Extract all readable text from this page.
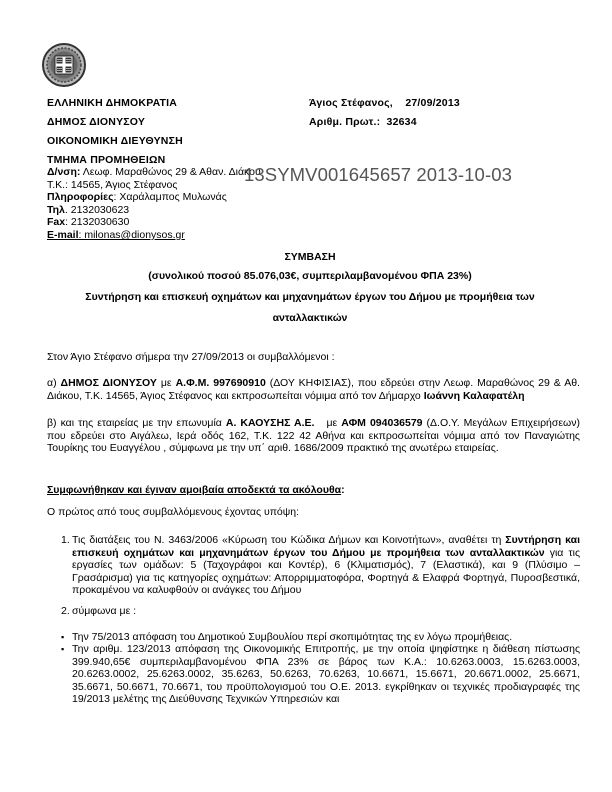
ΕΛΛΗΝΙΚΗ ΔΗΜΟΚΡΑΤΙΑ
ΔΗΜΟΣ ΔΙΟΝΥΣΟΥ
ΟΙΚΟΝΟΜΙΚΗ ΔΙΕΥΘΥΝΣΗ
ΤΜΗΜΑ ΠΡΟΜΗΘΕΙΩΝ
Άγιος Στέφανος,    27/09/2013
Αριθμ. Πρωτ.: 32634
Δ/νση: Λεωφ. Μαραθώνος 29 & Αθαν. Διάκου
Τ.Κ.: 14565, Άγιος Στέφανος
Πληροφορίες: Χαράλαμπος Μυλωνάς
Τηλ. 2132030623
Fax: 2132030630
E-mail: milonas@dionysos.gr
13SYMV001645657 2013-10-03
ΣΥΜΒΑΣΗ
(συνολικού ποσού 85.076,03€, συμπεριλαμβανομένου ΦΠΑ 23%)
Συντήρηση και επισκευή οχημάτων και μηχανημάτων έργων του Δήμου με προμήθεια των
ανταλλακτικών
Στον Άγιο Στέφανο σήμερα την 27/09/2013 οι συμβαλλόμενοι :
α) ΔΗΜΟΣ ΔΙΟΝΥΣΟΥ με Α.Φ.Μ. 997690910 (ΔΟΥ ΚΗΦΙΣΙΑΣ), που εδρεύει στην Λεωφ. Μαραθώνος 29 & Αθ. Διάκου, Τ.Κ. 14565, Άγιος Στέφανος και εκπροσωπείται νόμιμα από τον Δήμαρχο Ιωάννη Καλαφατέλη
β) και της εταιρείας με την επωνυμία Α. ΚΑΟΥΣΗΣ Α.Ε.   με ΑΦΜ 094036579 (Δ.Ο.Υ. Μεγάλων Επιχειρήσεων) που εδρεύει στο Αιγάλεω, Ιερά οδός 162, Τ.Κ. 122 42 Αθήνα και εκπροσωπείται νόμιμα από τον Παναγιώτης Τουρίκης του Ευαγγέλου , σύμφωνα με την υπ΄ αριθ. 1686/2009 πρακτικό της ανωτέρω εταιρείας.
Συμφωνήθηκαν και έγιναν αμοιβαία αποδεκτά τα ακόλουθα:
Ο πρώτος από τους συμβαλλόμενους έχοντας υπόψη:
1. Τις διατάξεις του Ν. 3463/2006 «Κύρωση του Κώδικα Δήμων και Κοινοτήτων», αναθέτει τη Συντήρηση και επισκευή οχημάτων και μηχανημάτων έργων του Δήμου με προμήθεια των ανταλλακτικών για τις εργασίες των ομάδων: 5 (Ταχογράφοι και Κοντέρ), 6 (Κλιματισμός), 7 (Ελαστικά), και 9 (Πλύσιμο – Γρασάρισμα) για τις κατηγορίες οχημάτων: Απορριμματοφόρα, Φορτηγά & Ελαφρά Φορτηγά, Πυροσβεστικά, προκαμένου να καλυφθούν οι ανάγκες του Δήμου
2. σύμφωνα με :
▪ Την 75/2013 απόφαση του Δημοτικού Συμβουλίου περί σκοπιμότητας της εν λόγω προμήθειας.
▪ Την αριθμ. 123/2013 απόφαση της Οικονομικής Επιτροπής, με την οποία ψηφίστηκε η διάθεση πίστωσης 399.940,65€ συμπεριλαμβανομένου ΦΠΑ 23% σε βάρος των Κ.Α.: 10.6263.0003, 15.6263.0003, 20.6263.0002, 25.6263.0002, 35.6263, 50.6263, 70.6263, 10.6671, 15.6671, 20.6671.0002, 25.6671, 35.6671, 50.6671, 70.6671, του προϋπολογισμού του Ο.Ε. 2013. εγκρίθηκαν οι τεχνικές προδιαγραφές της 19/2013 μελέτης της Διεύθυνσης Τεχνικών Υπηρεσιών και
